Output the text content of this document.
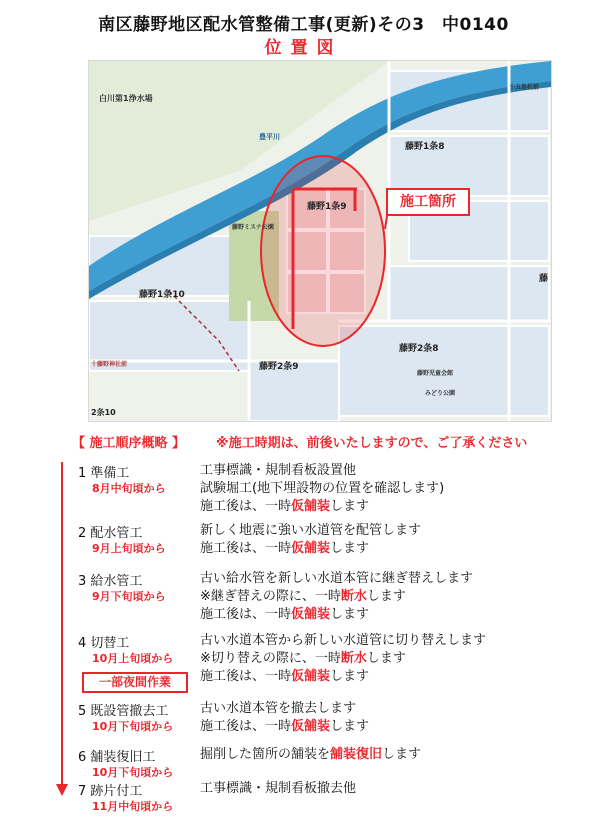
南区藤野地区配水管整備工事(更新)その3　中0140
位置図
白川第1浄水場
豊平川
藤野1条8
藤野1条9
藤野1条10
藤野2条8
藤野2条9
2条10
藤野ミスナ公園
藤野児童会館
みどり公園
藤
十藤野神社前
十五島松前
施工箇所
【 施工順序概略 】 ※施工時期は、前後いたしますので、ご了承ください
1 準備工
8月中旬頃から
工事標識・規制看板設置他
試験堀工(地下埋設物の位置を確認します)
施工後は、一時仮舗装します
2 配水管工
9月上旬頃から
新しく地震に強い水道管を配管します
施工後は、一時仮舗装します
3 給水管工
9月下旬頃から
古い給水管を新しい水道本管に継ぎ替えします
※継ぎ替えの際に、一時断水します
施工後は、一時仮舗装します
4 切替工
10月上旬頃から
一部夜間作業
古い水道本管から新しい水道管に切り替えします
※切り替えの際に、一時断水します
施工後は、一時仮舗装します
5 既設管撤去工
10月下旬頃から
古い水道本管を撤去します
施工後は、一時仮舗装します
6 舗装復旧工
10月下旬頃から
掘削した箇所の舗装を舗装復旧します
7 跡片付工
11月中旬頃から
工事標識・規制看板撤去他
